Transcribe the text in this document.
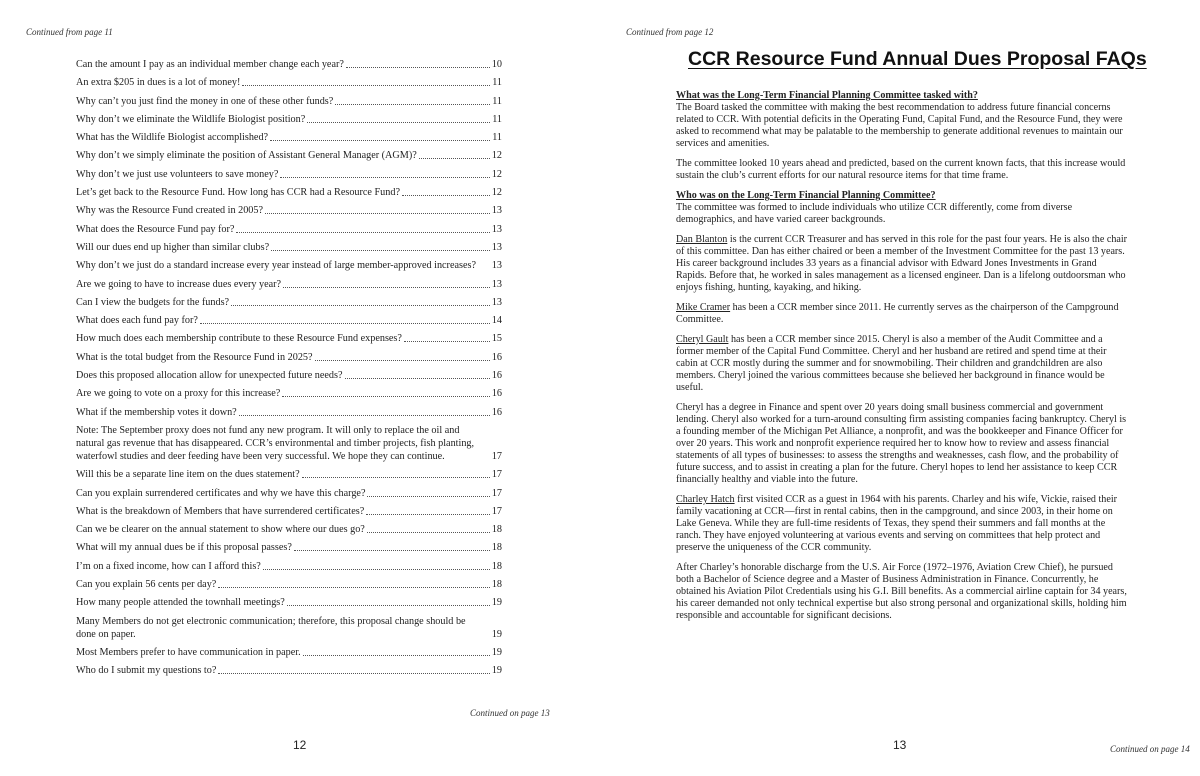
Continued from page 11
Can the amount I pay as an individual member change each year?	10
An extra $205 in dues is a lot of money!	11
Why can’t you just find the money in one of these other funds?	11
Why don’t we eliminate the Wildlife Biologist position?	11
What has the Wildlife Biologist accomplished?	11
Why don’t we simply eliminate the position of Assistant General Manager (AGM)?	12
Why don’t we just use volunteers to save money?	12
Let’s get back to the Resource Fund. How long has CCR had a Resource Fund?	12
Why was the Resource Fund created in 2005?	13
What does the Resource Fund pay for?	13
Will our dues end up higher than similar clubs?	13
Why don’t we just do a standard increase every year instead of large member-approved increases? 13
Are we going to have to increase dues every year?	13
Can I view the budgets for the funds?	13
What does each fund pay for?	14
How much does each membership contribute to these Resource Fund expenses?	15
What is the total budget from the Resource Fund in 2025?	16
Does this proposed allocation allow for unexpected future needs?	16
Are we going to vote on a proxy for this increase?	16
What if the membership votes it down?	16
Note: The September proxy does not fund any new program. It will only to replace the oil and natural gas revenue that has disappeared. CCR’s environmental and timber projects, fish planting, waterfowl studies and deer feeding have been very successful. We hope they can continue.	17
Will this be a separate line item on the dues statement?	17
Can you explain surrendered certificates and why we have this charge?	17
What is the breakdown of Members that have surrendered certificates?	17
Can we be clearer on the annual statement to show where our dues go?	18
What will my annual dues be if this proposal passes?	18
I’m on a fixed income, how can I afford this?	18
Can you explain 56 cents per day?	18
How many people attended the townhall meetings?	19
Many Members do not get electronic communication; therefore, this proposal change should be done on paper.	19
Most Members prefer to have communication in paper.	19
Who do I submit my questions to?	19
Continued on page 13
12
Continued from page 12
CCR Resource Fund Annual Dues Proposal FAQs
What was the Long-Term Financial Planning Committee tasked with?

The Board tasked the committee with making the best recommendation to address future financial concerns related to CCR. With potential deficits in the Operating Fund, Capital Fund, and the Resource Fund, they were asked to recommend what may be palatable to the membership to generate additional revenues to maintain our services and amenities.

The committee looked 10 years ahead and predicted, based on the current known facts, that this increase would sustain the club’s current efforts for our natural resource items for that time frame.

Who was on the Long-Term Financial Planning Committee?

The committee was formed to include individuals who utilize CCR differently, come from diverse demographics, and have varied career backgrounds.

Dan Blanton is the current CCR Treasurer and has served in this role for the past four years. He is also the chair of this committee. Dan has either chaired or been a member of the Investment Committee for the past 13 years. His career background includes 33 years as a financial advisor with Edward Jones Investments in Grand Rapids. Before that, he worked in sales management as a licensed engineer. Dan is a lifelong outdoorsman who enjoys fishing, hunting, kayaking, and hiking.

Mike Cramer has been a CCR member since 2011. He currently serves as the chairperson of the Campground Committee.

Cheryl Gault has been a CCR member since 2015. Cheryl is also a member of the Audit Committee and a former member of the Capital Fund Committee. Cheryl and her husband are retired and spend time at their cabin at CCR mostly during the summer and for snowmobiling. Their children and grandchildren are also members. Cheryl joined the various committees because she believed her background in finance would be useful.

Cheryl has a degree in Finance and spent over 20 years doing small business commercial and government lending. Cheryl also worked for a turn-around consulting firm assisting companies facing bankruptcy. Cheryl is a founding member of the Michigan Pet Alliance, a nonprofit, and was the bookkeeper and Finance Officer for over 20 years. This work and nonprofit experience required her to know how to review and assess financial statements of all types of businesses: to assess the strengths and weaknesses, cash flow, and the probability of future success, and to assist in creating a plan for the future. Cheryl hopes to lend her assistance to keep CCR financially healthy and viable into the future.

Charley Hatch first visited CCR as a guest in 1964 with his parents. Charley and his wife, Vickie, raised their family vacationing at CCR—first in rental cabins, then in the campground, and since 2003, in their home on Lake Geneva. While they are full-time residents of Texas, they spend their summers and fall months at the ranch. They have enjoyed volunteering at various events and serving on committees that help protect and preserve the uniqueness of the CCR community.

After Charley’s honorable discharge from the U.S. Air Force (1972–1976, Aviation Crew Chief), he pursued both a Bachelor of Science degree and a Master of Business Administration in Finance. Concurrently, he obtained his Aviation Pilot Credentials using his G.I. Bill benefits. As a commercial airline captain for 34 years, his career demanded not only technical expertise but also strong personal and organizational skills, holding him responsible and accountable for significant decisions.

Continued on page 14
13
